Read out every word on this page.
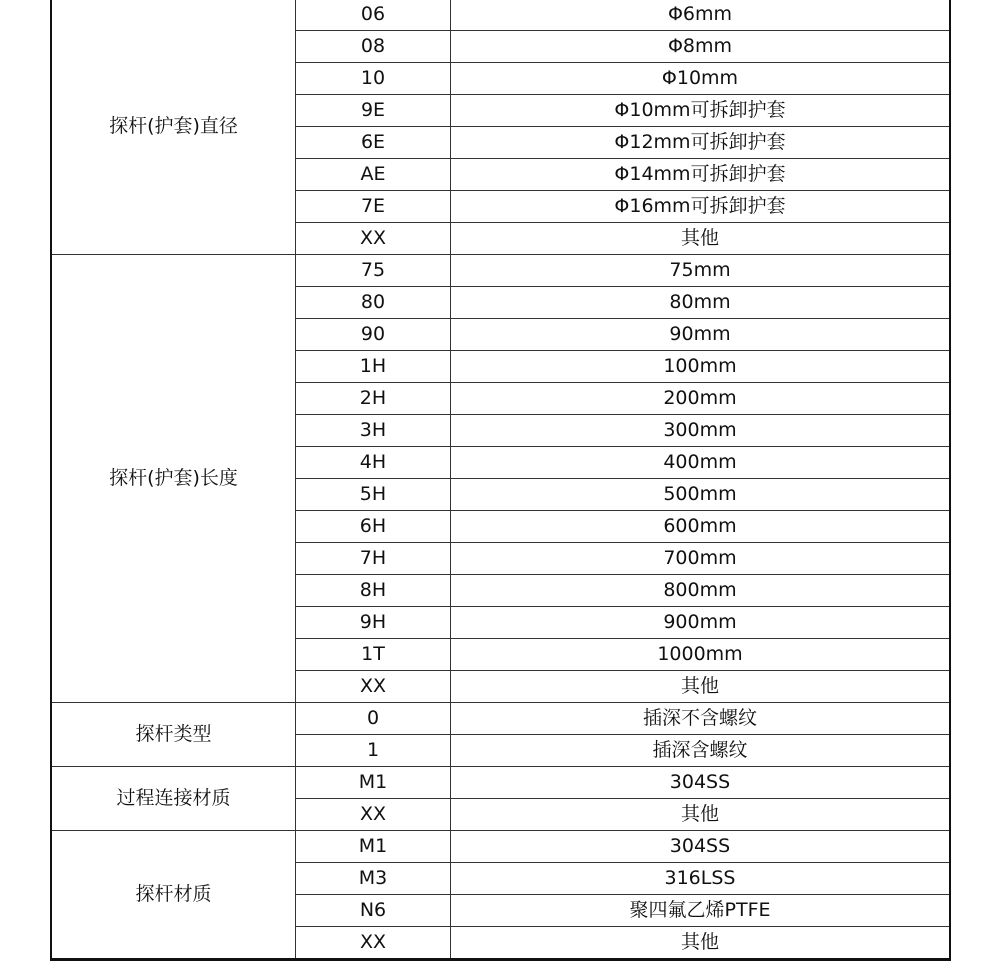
探杆(护套)直径	06	Φ6mm
	08	Φ8mm
	10	Φ10mm
	9E	Φ10mm可拆卸护套
	6E	Φ12mm可拆卸护套
	AE	Φ14mm可拆卸护套
	7E	Φ16mm可拆卸护套
	XX	其他
探杆(护套)长度	75	75mm
	80	80mm
	90	90mm
	1H	100mm
	2H	200mm
	3H	300mm
	4H	400mm
	5H	500mm
	6H	600mm
	7H	700mm
	8H	800mm
	9H	900mm
	1T	1000mm
	XX	其他
探杆类型	0	插深不含螺纹
	1	插深含螺纹
过程连接材质	M1	304SS
	XX	其他
探杆材质	M1	304SS
	M3	316LSS
	N6	聚四氟乙烯PTFE
	XX	其他
